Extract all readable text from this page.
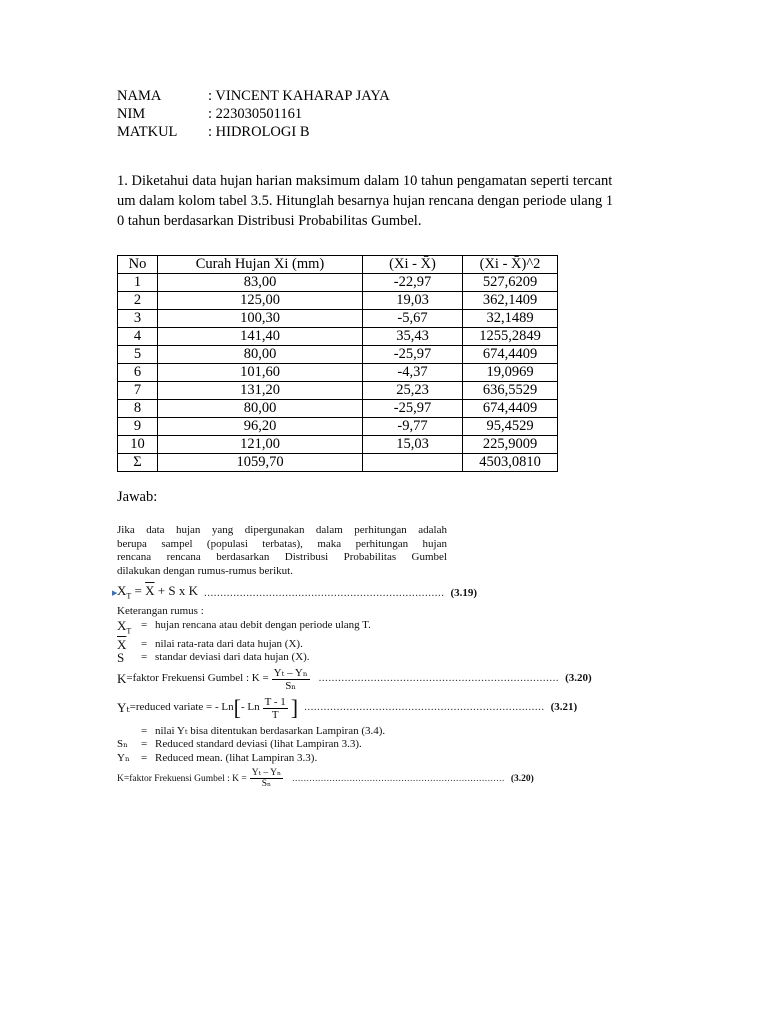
NAMA	: VINCENT KAHARAP JAYA
NIM	: 223030501161
MATKUL	: HIDROLOGI B

1. Diketahui data hujan harian maksimum dalam 10 tahun pengamatan seperti tercant

um dalam kolom tabel 3.5. Hitunglah besarnya hujan rencana dengan periode ulang 1

0 tahun berdasarkan Distribusi Probabilitas Gumbel.

No	Curah Hujan Xi (mm)	(Xi - X̄)	(Xi - X̄)^2
1	83,00	-22,97	527,6209
2	125,00	19,03	362,1409
3	100,30	-5,67	32,1489
4	141,40	35,43	1255,2849
5	80,00	-25,97	674,4409
6	101,60	-4,37	19,0969
7	131,20	25,23	636,5529
8	80,00	-25,97	674,4409
9	96,20	-9,77	95,4529
10	121,00	15,03	225,9009
Σ	1059,70		4503,0810
Jawab:
Jika data hujan yang dipergunakan dalam perhitungan adalah
berupa sampel (populasi terbatas), maka perhitungan hujan
rencana rencana berdasarkan Distribusi Probabilitas Gumbel
dilakukan dengan rumus-rumus berikut.
▶ $X_T = \overline{X} + S$ x K .......................................................................... (3.19)
Keterangan rumus :
$X_T$
= hujan rencana atau debit dengan periode ulang T.
$\overline{X}$	= nilai rata-rata dari data hujan (X).
S	= standar deviasi dari data hujan (X).
K = faktor Frekuensi Gumbel : $K = \frac{\text{Yₜ – Yₙ}}{\text{Sₙ}}$ .......................................................................... (3.20)
Yₜ = reduced variate = - Ln [ - Ln $\frac{T - 1}{T}$ ] .......................................................................... (3.21)
= nilai Yₜ bisa ditentukan berdasarkan Lampiran (3.4).
Sₙ	= Reduced standard deviasi (lihat Lampiran 3.3).
Yₙ	= Reduced mean. (lihat Lampiran 3.3).
K = faktor Frekuensi Gumbel : $K = \frac{\text{Yₜ – Yₙ}}{\text{Sₙ}}$ .......................................................................... (3.20)
